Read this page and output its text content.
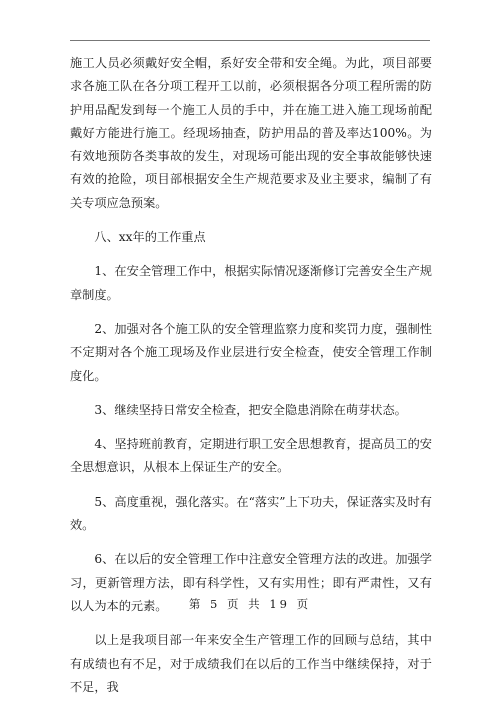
施工人员必须戴好安全帽，系好安全带和安全绳。为此，项目部要求各施工队在各分项工程开工以前，必须根据各分项工程所需的防护用品配发到每一个施工人员的手中，并在施工进入施工现场前配戴好方能进行施工。经现场抽查，防护用品的普及率达100%。为有效地预防各类事故的发生，对现场可能出现的安全事故能够快速有效的抢险，项目部根据安全生产规范要求及业主要求，编制了有关专项应急预案。

八、xx年的工作重点

1、在安全管理工作中，根据实际情况逐渐修订完善安全生产规章制度。

2、加强对各个施工队的安全管理监察力度和奖罚力度，强制性不定期对各个施工现场及作业层进行安全检查，使安全管理工作制度化。

3、继续坚持日常安全检查，把安全隐患消除在萌芽状态。

4、坚持班前教育，定期进行职工安全思想教育，提高员工的安全思想意识，从根本上保证生产的安全。

5、高度重视，强化落实。在“落实”上下功夫，保证落实及时有效。

6、在以后的安全管理工作中注意安全管理方法的改进。加强学习，更新管理方法，即有科学性，又有实用性；即有严肃性，又有以人为本的元素。

以上是我项目部一年来安全生产管理工作的回顾与总结，其中有成绩也有不足，对于成绩我们在以后的工作当中继续保持，对于不足，我

第 5 页 共 19 页
